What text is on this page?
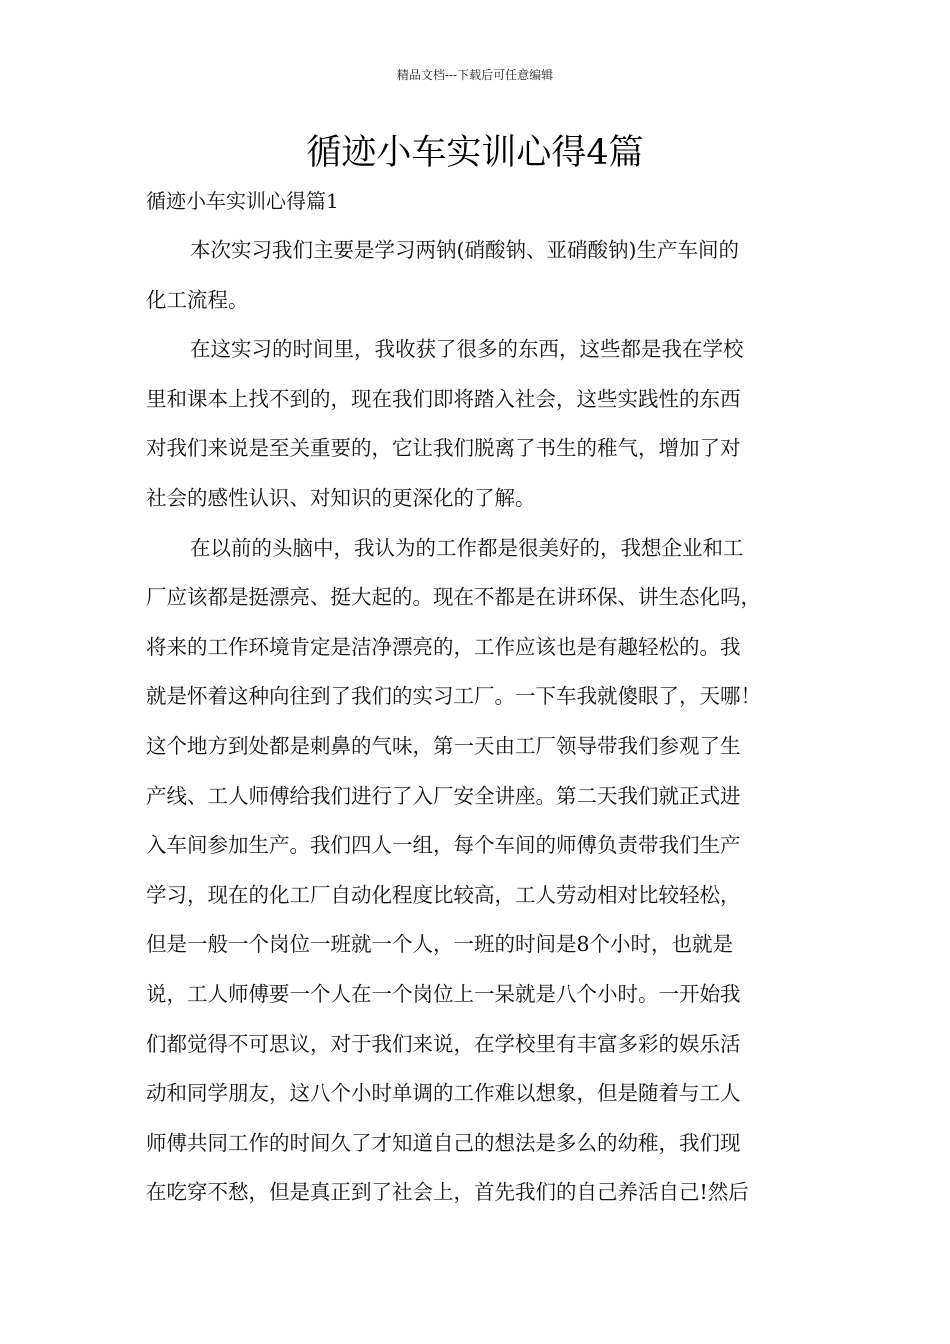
精品文档---下载后可任意编辑
循迹小车实训心得4篇
循迹小车实训心得篇1
本次实习我们主要是学习两钠(硝酸钠、亚硝酸钠)生产车间的
化工流程。
在这实习的时间里，我收获了很多的东西，这些都是我在学校
里和课本上找不到的，现在我们即将踏入社会，这些实践性的东西
对我们来说是至关重要的，它让我们脱离了书生的稚气，增加了对
社会的感性认识、对知识的更深化的了解。
在以前的头脑中，我认为的工作都是很美好的，我想企业和工
厂应该都是挺漂亮、挺大起的。现在不都是在讲环保、讲生态化吗，
将来的工作环境肯定是洁净漂亮的，工作应该也是有趣轻松的。我
就是怀着这种向往到了我们的实习工厂。一下车我就傻眼了，天哪！
这个地方到处都是刺鼻的气味，第一天由工厂领导带我们参观了生
产线、工人师傅给我们进行了入厂安全讲座。第二天我们就正式进
入车间参加生产。我们四人一组，每个车间的师傅负责带我们生产
学习，现在的化工厂自动化程度比较高，工人劳动相对比较轻松，
但是一般一个岗位一班就一个人，一班的时间是8个小时，也就是
说，工人师傅要一个人在一个岗位上一呆就是八个小时。一开始我
们都觉得不可思议，对于我们来说，在学校里有丰富多彩的娱乐活
动和同学朋友，这八个小时单调的工作难以想象，但是随着与工人
师傅共同工作的时间久了才知道自己的想法是多么的幼稚，我们现
在吃穿不愁，但是真正到了社会上，首先我们的自己养活自己!然后
